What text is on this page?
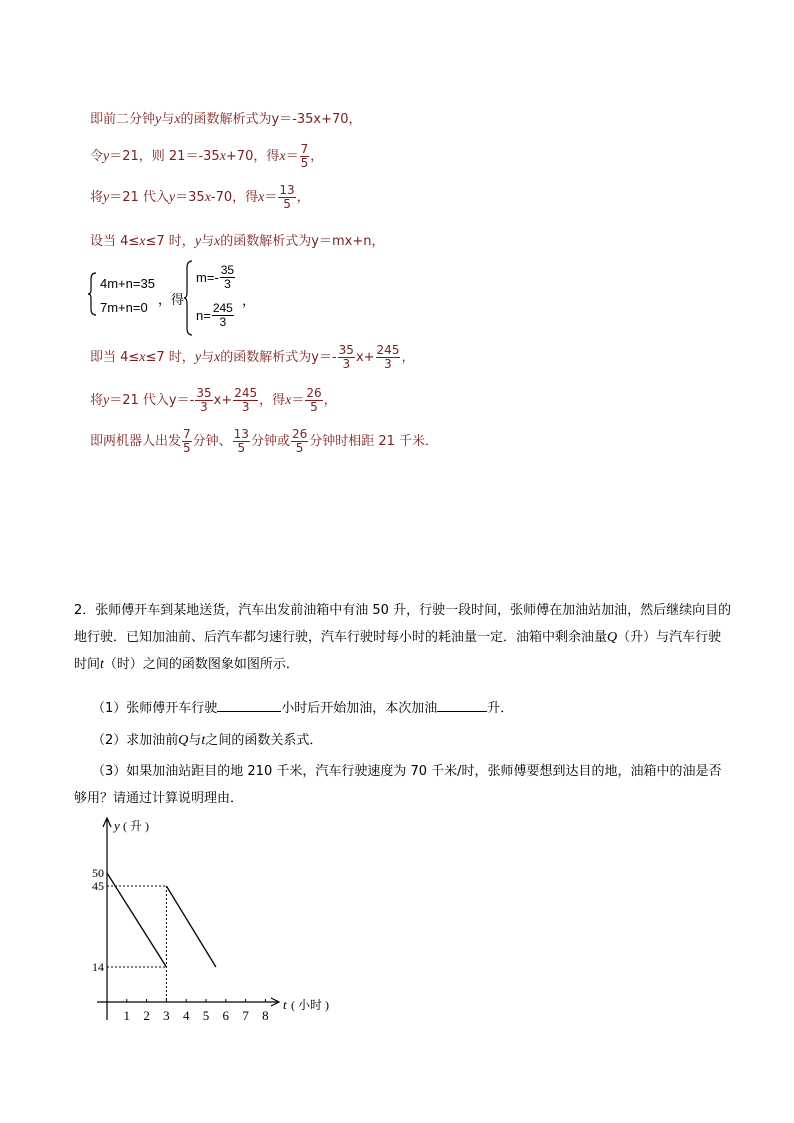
即前二分钟y与x的函数解析式为y＝-35x+70，
令y＝21，则 21＝-35x+70，得$x= \frac{7}{5}$ ，
将y＝21 代入y＝35x-70，得$x= \frac{13}{5}$ ，
设当 4≤x≤7 时，y与x的函数解析式为y＝mx+n，
4m+n=35
7m+n=0
，得
$m=- \frac{35}{3}$
$n= \frac{245}{3}$
，
即当 4≤x≤7 时，y与x的函数解析式为$y=- \frac{35}{3} x+ \frac{245}{3}$ ，
将y＝21 代入$y=- \frac{35}{3} x+ \frac{245}{3}$ ，得$x= \frac{26}{5}$ ，
即两机器人出发 $\frac{7}{5}$ 分钟、 $\frac{13}{5}$ 分钟或 $\frac{26}{5}$ 分钟时相距 21 千米．
2．张师傅开车到某地送货，汽车出发前油箱中有油 50 升，行驶一段时间，张师傅在加油站加油，然后继续向目的地行驶．已知加油前、后汽车都匀速行驶，汽车行驶时每小时的耗油量一定．油箱中剩余油量Q（升）与汽车行驶时间t（时）之间的函数图象如图所示．
（1）张师傅开车行驶	小时后开始加油，本次加油	升．
（2）求加油前Q与t之间的函数关系式．
（3）如果加油站距目的地 210 千米，汽车行驶速度为 70 千米/时，张师傅要想到达目的地，油箱中的油是否够用？请通过计算说明理由．
y ( 升 )
t ( 小时 )
50
45
14
1 2 3 4 5 6 7 8
